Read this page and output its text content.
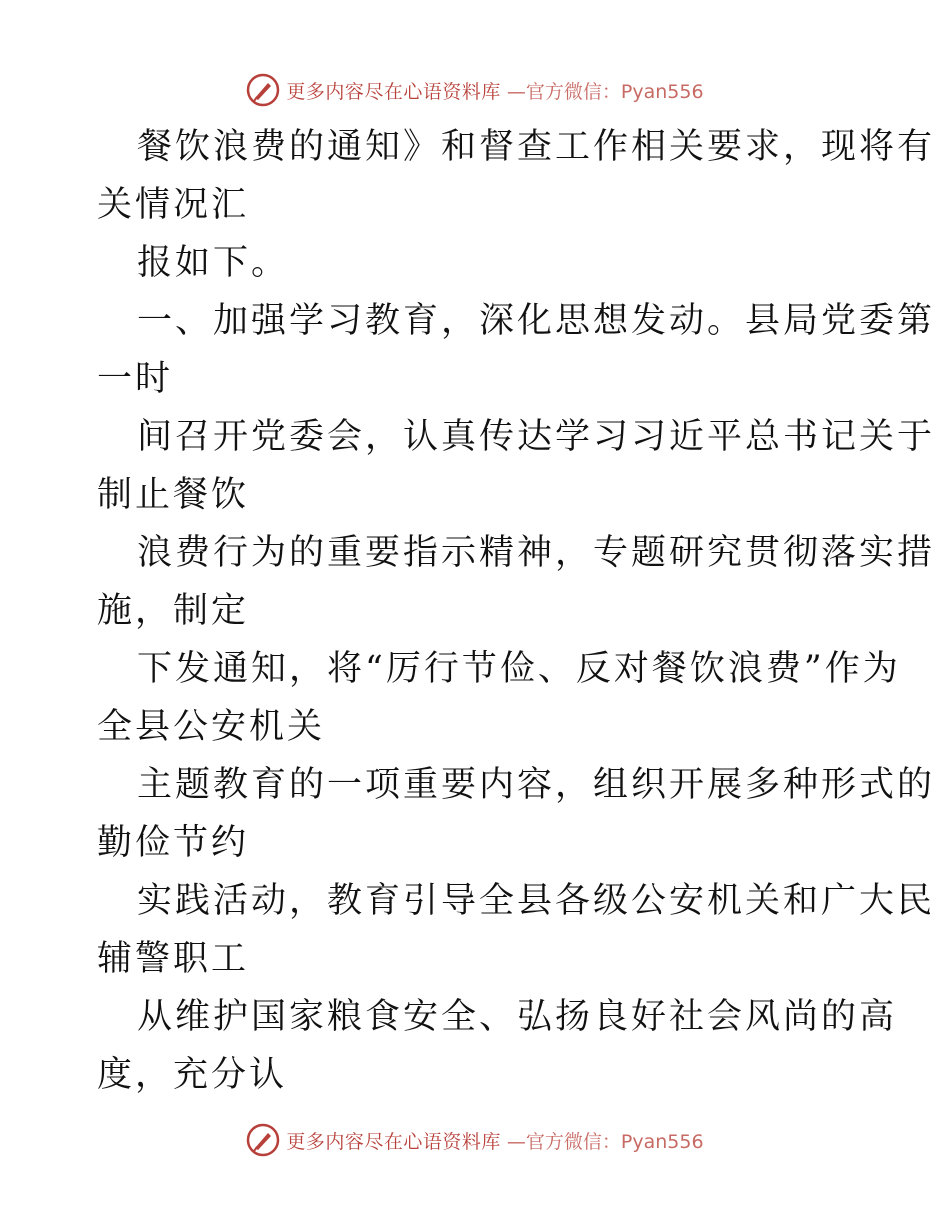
更多内容尽在心语资料库 —官方微信：Pyan556
餐饮浪费的通知》和督查工作相关要求，现将有
关情况汇
报如下。
一、加强学习教育，深化思想发动。县局党委第
一时
间召开党委会，认真传达学习习近平总书记关于
制止餐饮
浪费行为的重要指示精神，专题研究贯彻落实措
施，制定
下发通知，将“厉行节俭、反对餐饮浪费”作为
全县公安机关
主题教育的一项重要内容，组织开展多种形式的
勤俭节约
实践活动，教育引导全县各级公安机关和广大民
辅警职工
从维护国家粮食安全、弘扬良好社会风尚的高
度，充分认
更多内容尽在心语资料库 —官方微信：Pyan556
